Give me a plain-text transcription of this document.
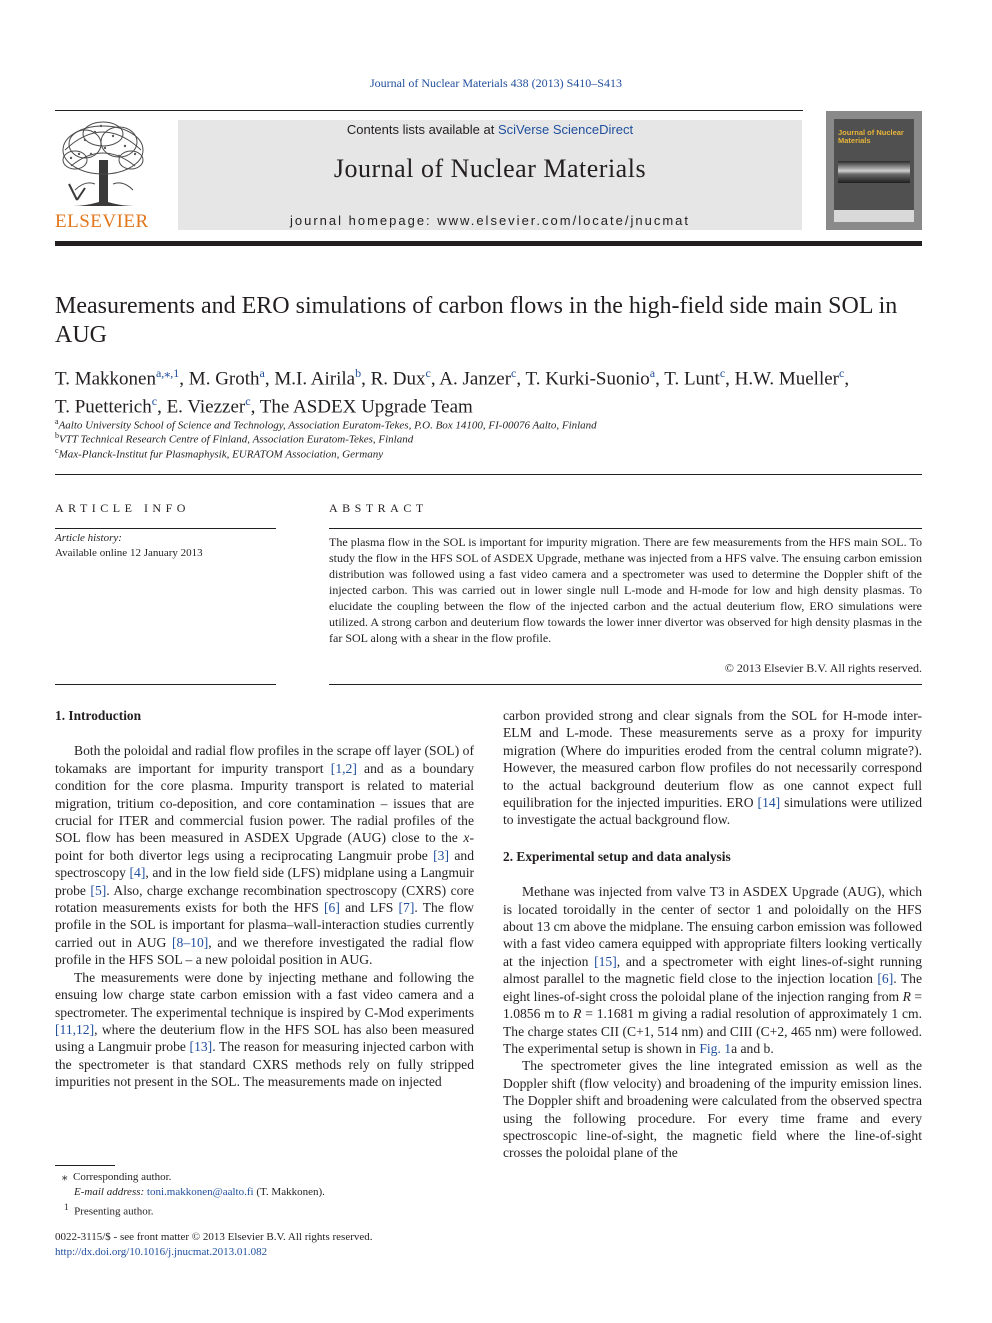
Journal of Nuclear Materials 438 (2013) S410–S413
ELSEVIER
Contents lists available at SciVerse ScienceDirect
Journal of Nuclear Materials
journal homepage: www.elsevier.com/locate/jnucmat
Journal of Nuclear Materials
Measurements and ERO simulations of carbon flows in the high-field side main SOL in AUG
T. Makkonen$^{a,⁎,1}$, M. Groth$^a$, M.I. Airila$^b$, R. Dux$^c$, A. Janzer$^c$, T. Kurki-Suonio$^a$, T. Lunt$^c$, H.W. Mueller$^c$,
T. Puetterich$^c$, E. Viezzer$^c$, The ASDEX Upgrade Team
$^a$Aalto University School of Science and Technology, Association Euratom-Tekes, P.O. Box 14100, FI-00076 Aalto, Finland
$^b$VTT Technical Research Centre of Finland, Association Euratom-Tekes, Finland
$^c$Max-Planck-Institut fur Plasmaphysik, EURATOM Association, Germany
ARTICLE INFO
Article history:
Available online 12 January 2013
ABSTRACT
The plasma flow in the SOL is important for impurity migration. There are few measurements from the HFS main SOL. To study the flow in the HFS SOL of ASDEX Upgrade, methane was injected from a HFS valve. The ensuing carbon emission distribution was followed using a fast video camera and a spectrometer was used to determine the Doppler shift of the injected carbon. This was carried out in lower single null L-mode and H-mode for low and high density plasmas. To elucidate the coupling between the flow of the injected carbon and the actual deuterium flow, ERO simulations were utilized. A strong carbon and deuterium flow towards the lower inner divertor was observed for high density plasmas in the far SOL along with a shear in the flow profile.
© 2013 Elsevier B.V. All rights reserved.
1. Introduction

Both the poloidal and radial flow profiles in the scrape off layer (SOL) of tokamaks are important for impurity transport [1,2] and as a boundary condition for the core plasma. Impurity transport is related to material migration, tritium co-deposition, and core contamination – issues that are crucial for ITER and commercial fusion power. The radial profiles of the SOL flow has been measured in ASDEX Upgrade (AUG) close to the x-point for both divertor legs using a reciprocating Langmuir probe [3] and spectroscopy [4], and in the low field side (LFS) midplane using a Langmuir probe [5]. Also, charge exchange recombination spectroscopy (CXRS) core rotation measurements exists for both the HFS [6] and LFS [7]. The flow profile in the SOL is important for plasma–wall-interaction studies currently carried out in AUG [8–10], and we therefore investigated the radial flow profile in the HFS SOL – a new poloidal position in AUG.

The measurements were done by injecting methane and following the ensuing low charge state carbon emission with a fast video camera and a spectrometer. The experimental technique is inspired by C-Mod experiments [11,12], where the deuterium flow in the HFS SOL has also been measured using a Langmuir probe [13]. The reason for measuring injected carbon with the spectrometer is that standard CXRS methods rely on fully stripped impurities not present in the SOL. The measurements made on injected

⁎ Corresponding author.
E-mail address: toni.makkonen@aalto.fi (T. Makkonen).
$^1$ Presenting author.
0022-3115/$ - see front matter © 2013 Elsevier B.V. All rights reserved.
http://dx.doi.org/10.1016/j.jnucmat.2013.01.082

carbon provided strong and clear signals from the SOL for H-mode inter-ELM and L-mode. These measurements serve as a proxy for impurity migration (Where do impurities eroded from the central column migrate?). However, the measured carbon flow profiles do not necessarily correspond to the actual background deuterium flow as one cannot expect full equilibration for the injected impurities. ERO [14] simulations were utilized to investigate the actual background flow.

2. Experimental setup and data analysis

Methane was injected from valve T3 in ASDEX Upgrade (AUG), which is located toroidally in the center of sector 1 and poloidally on the HFS about 13 cm above the midplane. The ensuing carbon emission was followed with a fast video camera equipped with appropriate filters looking vertically at the injection [15], and a spectrometer with eight lines-of-sight running almost parallel to the magnetic field close to the injection location [6]. The eight lines-of-sight cross the poloidal plane of the injection ranging from R = 1.0856 m to R = 1.1681 m giving a radial resolution of approximately 1 cm. The charge states CII (C+1, 514 nm) and CIII (C+2, 465 nm) were followed. The experimental setup is shown in Fig. 1a and b.

The spectrometer gives the line integrated emission as well as the Doppler shift (flow velocity) and broadening of the impurity emission lines. The Doppler shift and broadening were calculated from the observed spectra using the following procedure. For every time frame and every spectroscopic line-of-sight, the magnetic field where the line-of-sight crosses the poloidal plane of the
